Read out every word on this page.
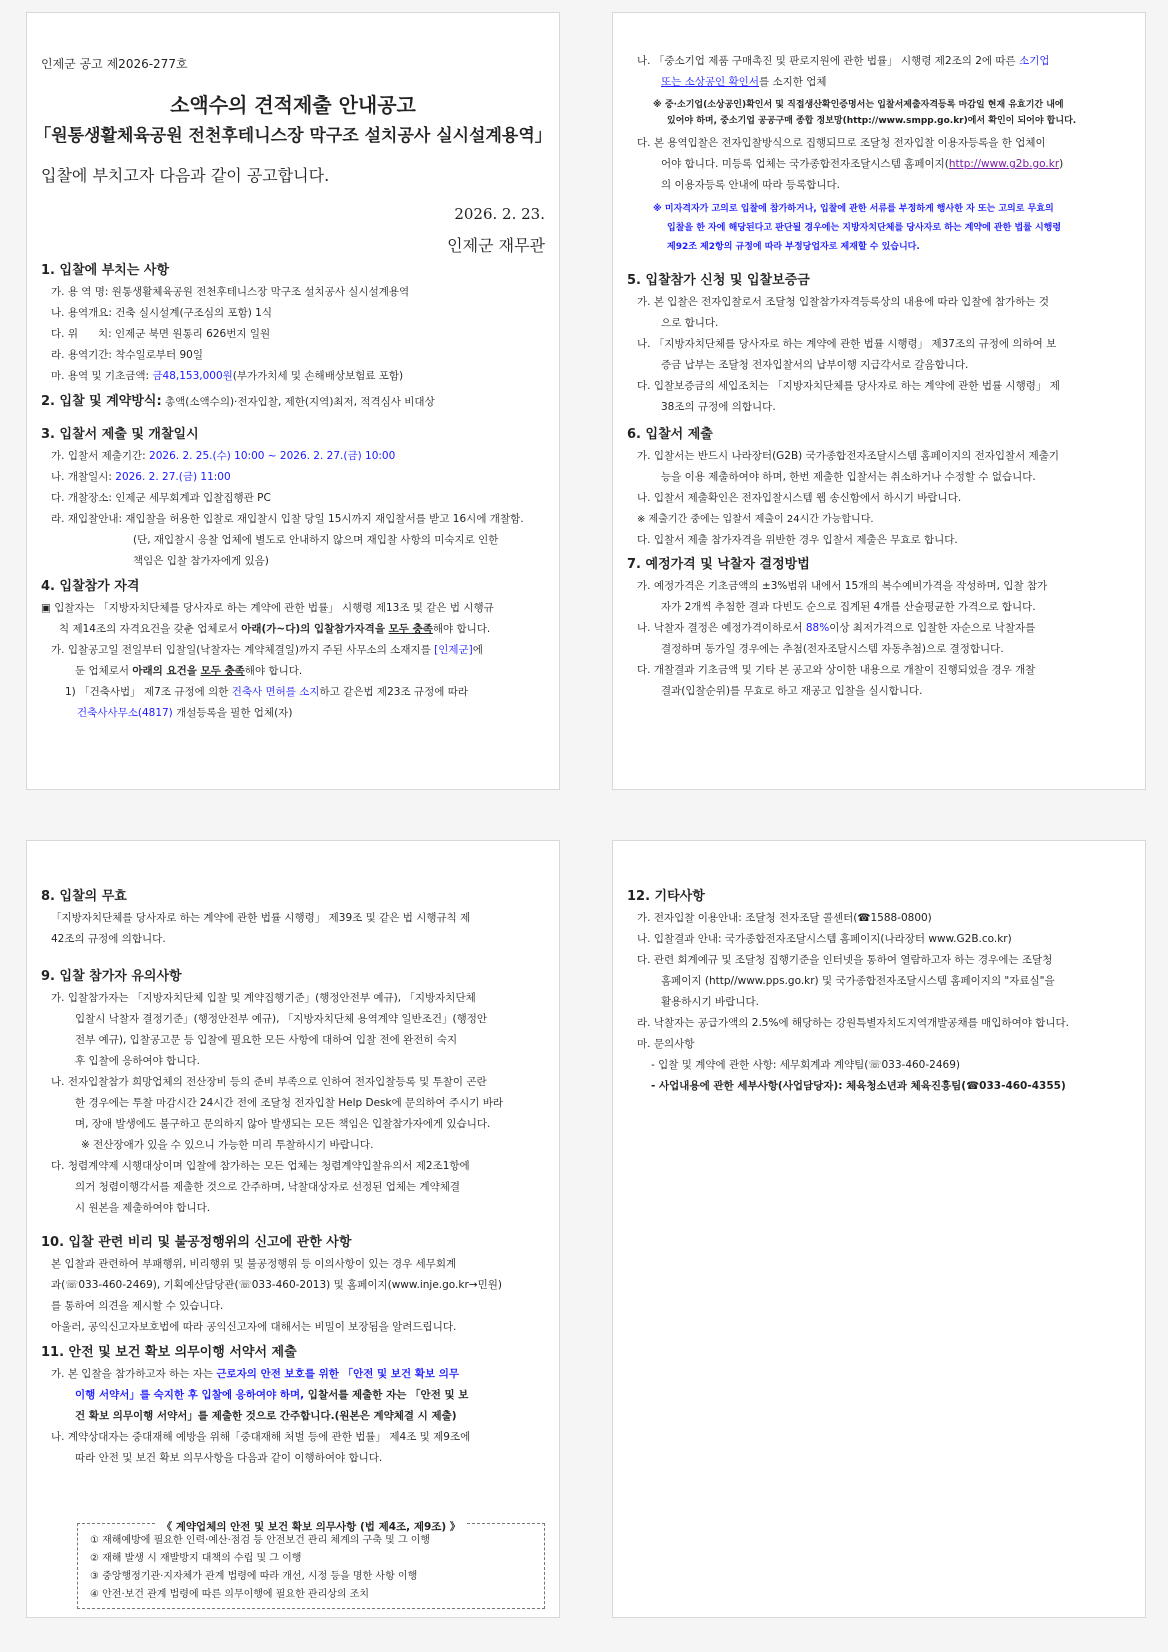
인제군 공고 제2026-277호
소액수의 견적제출 안내공고
「원통생활체육공원 전천후테니스장 막구조 설치공사 실시설계용역」
입찰에 부치고자 다음과 같이 공고합니다.
2026. 2. 23.
인제군 재무관
1. 입찰에 부치는 사항
가. 용 역 명: 원통생활체육공원 전천후테니스장 막구조 설치공사 실시설계용역
나. 용역개요: 건축 실시설계(구조심의 포함) 1식
다. 위      치: 인제군 북면 원통리 626번지 일원
라. 용역기간: 착수일로부터 90일
마. 용역 및 기초금액: 금48,153,000원(부가가치세 및 손해배상보험료 포함)
2. 입찰 및 계약방식: 총액(소액수의)·전자입찰, 제한(지역)최저, 적격심사 비대상
3. 입찰서 제출 및 개찰일시
가. 입찰서 제출기간: 2026. 2. 25.(수) 10:00 ~ 2026. 2. 27.(금) 10:00
나. 개찰일시: 2026. 2. 27.(금) 11:00
다. 개찰장소: 인제군 세무회계과 입찰집행관 PC
라. 재입찰안내: 재입찰을 허용한 입찰로 재입찰시 입찰 당일 15시까지 재입찰서를 받고 16시에 개찰함.
(단, 재입찰시 응찰 업체에 별도로 안내하지 않으며 재입찰 사항의 미숙지로 인한
책임은 입찰 참가자에게 있음)
4. 입찰참가 자격
▣ 입찰자는 「지방자치단체를 당사자로 하는 계약에 관한 법률」 시행령 제13조 및 같은 법 시행규
칙 제14조의 자격요건을 갖춘 업체로서 아래(가~다)의 입찰참가자격을 모두 충족해야 합니다.
가. 입찰공고일 전일부터 입찰일(낙찰자는 계약체결일)까지 주된 사무소의 소재지를 [인제군]에
둔 업체로서 아래의 요건을 모두 충족해야 합니다.
1) 「건축사법」 제7조 규정에 의한 건축사 면허를 소지하고 같은법 제23조 규정에 따라
건축사사무소(4817) 개설등록을 필한 업체(자)
나. 「중소기업 제품 구매촉진 및 판로지원에 관한 법률」 시행령 제2조의 2에 따른 소기업
또는 소상공인 확인서를 소지한 업체
※ 중·소기업(소상공인)확인서 및 직접생산확인증명서는 입찰서제출자격등록 마감일 현재 유효기간 내에
있어야 하며, 중소기업 공공구매 종합 정보망(http://www.smpp.go.kr)에서 확인이 되어야 합니다.
다. 본 용역입찰은 전자입찰방식으로 집행되므로 조달청 전자입찰 이용자등록을 한 업체이
어야 합니다. 미등록 업체는 국가종합전자조달시스템 홈페이지(http://www.g2b.go.kr)
의 이용자등록 안내에 따라 등록합니다.
※ 미자격자가 고의로 입찰에 참가하거나, 입찰에 관한 서류를 부정하게 행사한 자 또는 고의로 무효의
입찰을 한 자에 해당된다고 판단될 경우에는 지방자치단체를 당사자로 하는 계약에 관한 법률 시행령
제92조 제2항의 규정에 따라 부정당업자로 제재할 수 있습니다.
5. 입찰참가 신청 및 입찰보증금
가. 본 입찰은 전자입찰로서 조달청 입찰참가자격등록상의 내용에 따라 입찰에 참가하는 것
으로 합니다.
나. 「지방자치단체를 당사자로 하는 계약에 관한 법률 시행령」 제37조의 규정에 의하여 보
증금 납부는 조달청 전자입찰서의 납부이행 지급각서로 갈음합니다.
다. 입찰보증금의 세입조치는 「지방자치단체를 당사자로 하는 계약에 관한 법률 시행령」 제
38조의 규정에 의합니다.
6. 입찰서 제출
가. 입찰서는 반드시 나라장터(G2B) 국가종합전자조달시스템 홈페이지의 전자입찰서 제출기
능을 이용 제출하여야 하며, 한번 제출한 입찰서는 취소하거나 수정할 수 없습니다.
나. 입찰서 제출확인은 전자입찰시스템 웹 송신함에서 하시기 바랍니다.
※ 제출기간 중에는 입찰서 제출이 24시간 가능합니다.
다. 입찰서 제출 참가자격을 위반한 경우 입찰서 제출은 무효로 합니다.
7. 예정가격 및 낙찰자 결정방법
가. 예정가격은 기초금액의 ±3%범위 내에서 15개의 복수예비가격을 작성하며, 입찰 참가
자가 2개씩 추첨한 결과 다빈도 순으로 집계된 4개를 산술평균한 가격으로 합니다.
나. 낙찰자 결정은 예정가격이하로서 88%이상 최저가격으로 입찰한 자순으로 낙찰자를
결정하며 동가일 경우에는 추첨(전자조달시스템 자동추첨)으로 결정합니다.
다. 개찰결과 기초금액 및 기타 본 공고와 상이한 내용으로 개찰이 진행되었을 경우 개찰
결과(입찰순위)를 무효로 하고 재공고 입찰을 실시합니다.
8. 입찰의 무효
「지방자치단체를 당사자로 하는 계약에 관한 법률 시행령」 제39조 및 같은 법 시행규칙 제
42조의 규정에 의합니다.
9. 입찰 참가자 유의사항
가. 입찰참가자는 「지방자치단체 입찰 및 계약집행기준」(행정안전부 예규), 「지방자치단체
입찰시 낙찰자 결정기준」(행정안전부 예규), 「지방자치단체 용역계약 일반조건」(행정안
전부 예규), 입찰공고문 등 입찰에 필요한 모든 사항에 대하여 입찰 전에 완전히 숙지
후 입찰에 응하여야 합니다.
나. 전자입찰참가 희망업체의 전산장비 등의 준비 부족으로 인하여 전자입찰등록 및 투찰이 곤란
한 경우에는 투찰 마감시간 24시간 전에 조달청 전자입찰 Help Desk에 문의하여 주시기 바라
며, 장애 발생에도 불구하고 문의하지 않아 발생되는 모든 책임은 입찰참가자에게 있습니다.
※ 전산장애가 있을 수 있으니 가능한 미리 투찰하시기 바랍니다.
다. 청렴계약제 시행대상이며 입찰에 참가하는 모든 업체는 청렴계약입찰유의서 제2조1항에
의거 청렴이행각서를 제출한 것으로 간주하며, 낙찰대상자로 선정된 업체는 계약체결
시 원본을 제출하여야 합니다.
10. 입찰 관련 비리 및 불공정행위의 신고에 관한 사항
본 입찰과 관련하여 부패행위, 비리행위 및 불공정행위 등 이의사항이 있는 경우 세무회계
과(☏033-460-2469), 기획예산담당관(☏033-460-2013) 및 홈페이지(www.inje.go.kr→민원)
를 통하여 의견을 제시할 수 있습니다.
아울러, 공익신고자보호법에 따라 공익신고자에 대해서는 비밀이 보장됨을 알려드립니다.
11. 안전 및 보건 확보 의무이행 서약서 제출
가. 본 입찰을 참가하고자 하는 자는 근로자의 안전 보호를 위한 「안전 및 보건 확보 의무
이행 서약서」를 숙지한 후 입찰에 응하여야 하며, 입찰서를 제출한 자는 「안전 및 보
건 확보 의무이행 서약서」를 제출한 것으로 간주합니다.(원본은 계약체결 시 제출)
나. 계약상대자는 중대재해 예방을 위해「중대재해 처벌 등에 관한 법률」 제4조 및 제9조에
따라 안전 및 보건 확보 의무사항을 다음과 같이 이행하여야 합니다.
《 계약업체의 안전 및 보건 확보 의무사항 (법 제4조, 제9조) 》
① 재해예방에 필요한 인력·예산·점검 등 안전보건 관리 체계의 구축 및 그 이행
② 재해 발생 시 재발방지 대책의 수립 및 그 이행
③ 중앙행정기관·지자체가 관계 법령에 따라 개선, 시정 등을 명한 사항 이행
④ 안전·보건 관계 법령에 따른 의무이행에 필요한 관리상의 조치
12. 기타사항
가. 전자입찰 이용안내: 조달청 전자조달 콜센터(☎1588-0800)
나. 입찰결과 안내: 국가종합전자조달시스템 홈페이지(나라장터 www.G2B.co.kr)
다. 관련 회계예규 및 조달청 집행기준을 인터넷을 통하여 열람하고자 하는 경우에는 조달청
홈페이지 (http//www.pps.go.kr) 및 국가종합전자조달시스템 홈페이지의 "자료실"을
활용하시기 바랍니다.
라. 낙찰자는 공급가액의 2.5%에 해당하는 강원특별자치도지역개발공채를 매입하여야 합니다.
마. 문의사항
- 입찰 및 계약에 관한 사항: 세무회계과 계약팀(☏033-460-2469)
- 사업내용에 관한 세부사항(사업담당자): 체육청소년과 체육진흥팀(☎033-460-4355)
